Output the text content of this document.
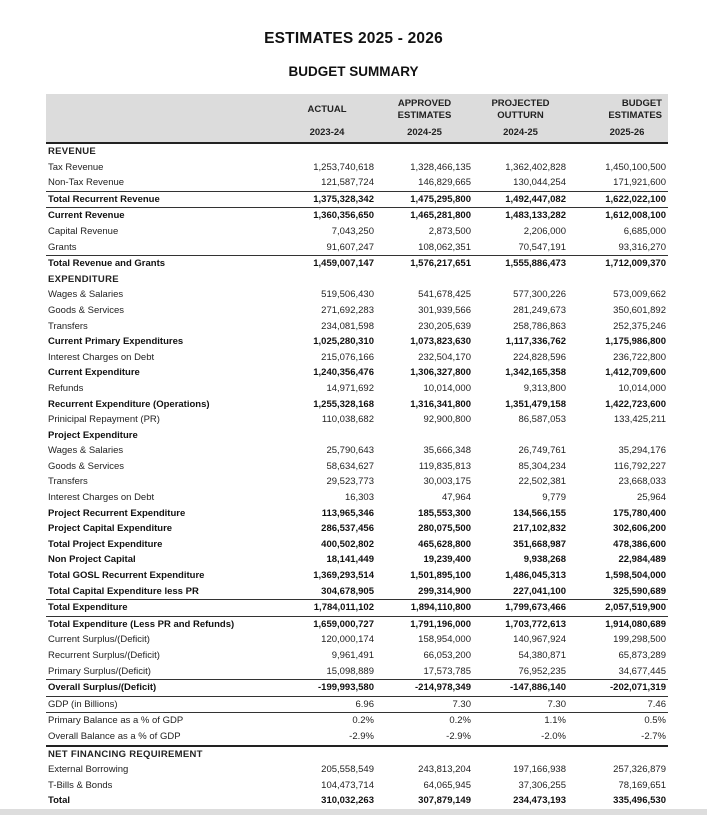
ESTIMATES 2025 - 2026
BUDGET SUMMARY
	ACTUAL	APPROVED ESTIMATES	PROJECTED OUTTURN	BUDGET ESTIMATES
	2023-24	2024-25	2024-25	2025-26
REVENUE				
Tax Revenue	1,253,740,618	1,328,466,135	1,362,402,828	1,450,100,500
Non-Tax Revenue	121,587,724	146,829,665	130,044,254	171,921,600
Total Recurrent Revenue	1,375,328,342	1,475,295,800	1,492,447,082	1,622,022,100
Current Revenue	1,360,356,650	1,465,281,800	1,483,133,282	1,612,008,100
Capital Revenue	7,043,250	2,873,500	2,206,000	6,685,000
Grants	91,607,247	108,062,351	70,547,191	93,316,270
Total Revenue and Grants	1,459,007,147	1,576,217,651	1,555,886,473	1,712,009,370
EXPENDITURE				
Wages & Salaries	519,506,430	541,678,425	577,300,226	573,009,662
Goods & Services	271,692,283	301,939,566	281,249,673	350,601,892
Transfers	234,081,598	230,205,639	258,786,863	252,375,246
Current Primary Expenditures	1,025,280,310	1,073,823,630	1,117,336,762	1,175,986,800
Interest Charges on Debt	215,076,166	232,504,170	224,828,596	236,722,800
Current Expenditure	1,240,356,476	1,306,327,800	1,342,165,358	1,412,709,600
Refunds	14,971,692	10,014,000	9,313,800	10,014,000
Recurrent Expenditure (Operations)	1,255,328,168	1,316,341,800	1,351,479,158	1,422,723,600
Prinicipal Repayment (PR)	110,038,682	92,900,800	86,587,053	133,425,211
Project Expenditure				
Wages & Salaries	25,790,643	35,666,348	26,749,761	35,294,176
Goods & Services	58,634,627	119,835,813	85,304,234	116,792,227
Transfers	29,523,773	30,003,175	22,502,381	23,668,033
Interest Charges on Debt	16,303	47,964	9,779	25,964
Project Recurrent Expenditure	113,965,346	185,553,300	134,566,155	175,780,400
Project Capital Expenditure	286,537,456	280,075,500	217,102,832	302,606,200
Total Project Expenditure	400,502,802	465,628,800	351,668,987	478,386,600
Non Project Capital	18,141,449	19,239,400	9,938,268	22,984,489
Total GOSL Recurrent Expenditure	1,369,293,514	1,501,895,100	1,486,045,313	1,598,504,000
Total Capital Expenditure less PR	304,678,905	299,314,900	227,041,100	325,590,689
Total Expenditure	1,784,011,102	1,894,110,800	1,799,673,466	2,057,519,900
Total Expenditure (Less PR and Refunds)	1,659,000,727	1,791,196,000	1,703,772,613	1,914,080,689
Current Surplus/(Deficit)	120,000,174	158,954,000	140,967,924	199,298,500
Recurrent Surplus/(Deficit)	9,961,491	66,053,200	54,380,871	65,873,289
Primary Surplus/(Deficit)	15,098,889	17,573,785	76,952,235	34,677,445
Overall Surplus/(Deficit)	-199,993,580	-214,978,349	-147,886,140	-202,071,319
GDP (in Billions)	6.96	7.30	7.30	7.46
Primary Balance as a % of GDP	0.2%	0.2%	1.1%	0.5%
Overall Balance as a % of GDP	-2.9%	-2.9%	-2.0%	-2.7%
NET FINANCING REQUIREMENT				
External Borrowing	205,558,549	243,813,204	197,166,938	257,326,879
T-Bills & Bonds	104,473,714	64,065,945	37,306,255	78,169,651
Total	310,032,263	307,879,149	234,473,193	335,496,530
